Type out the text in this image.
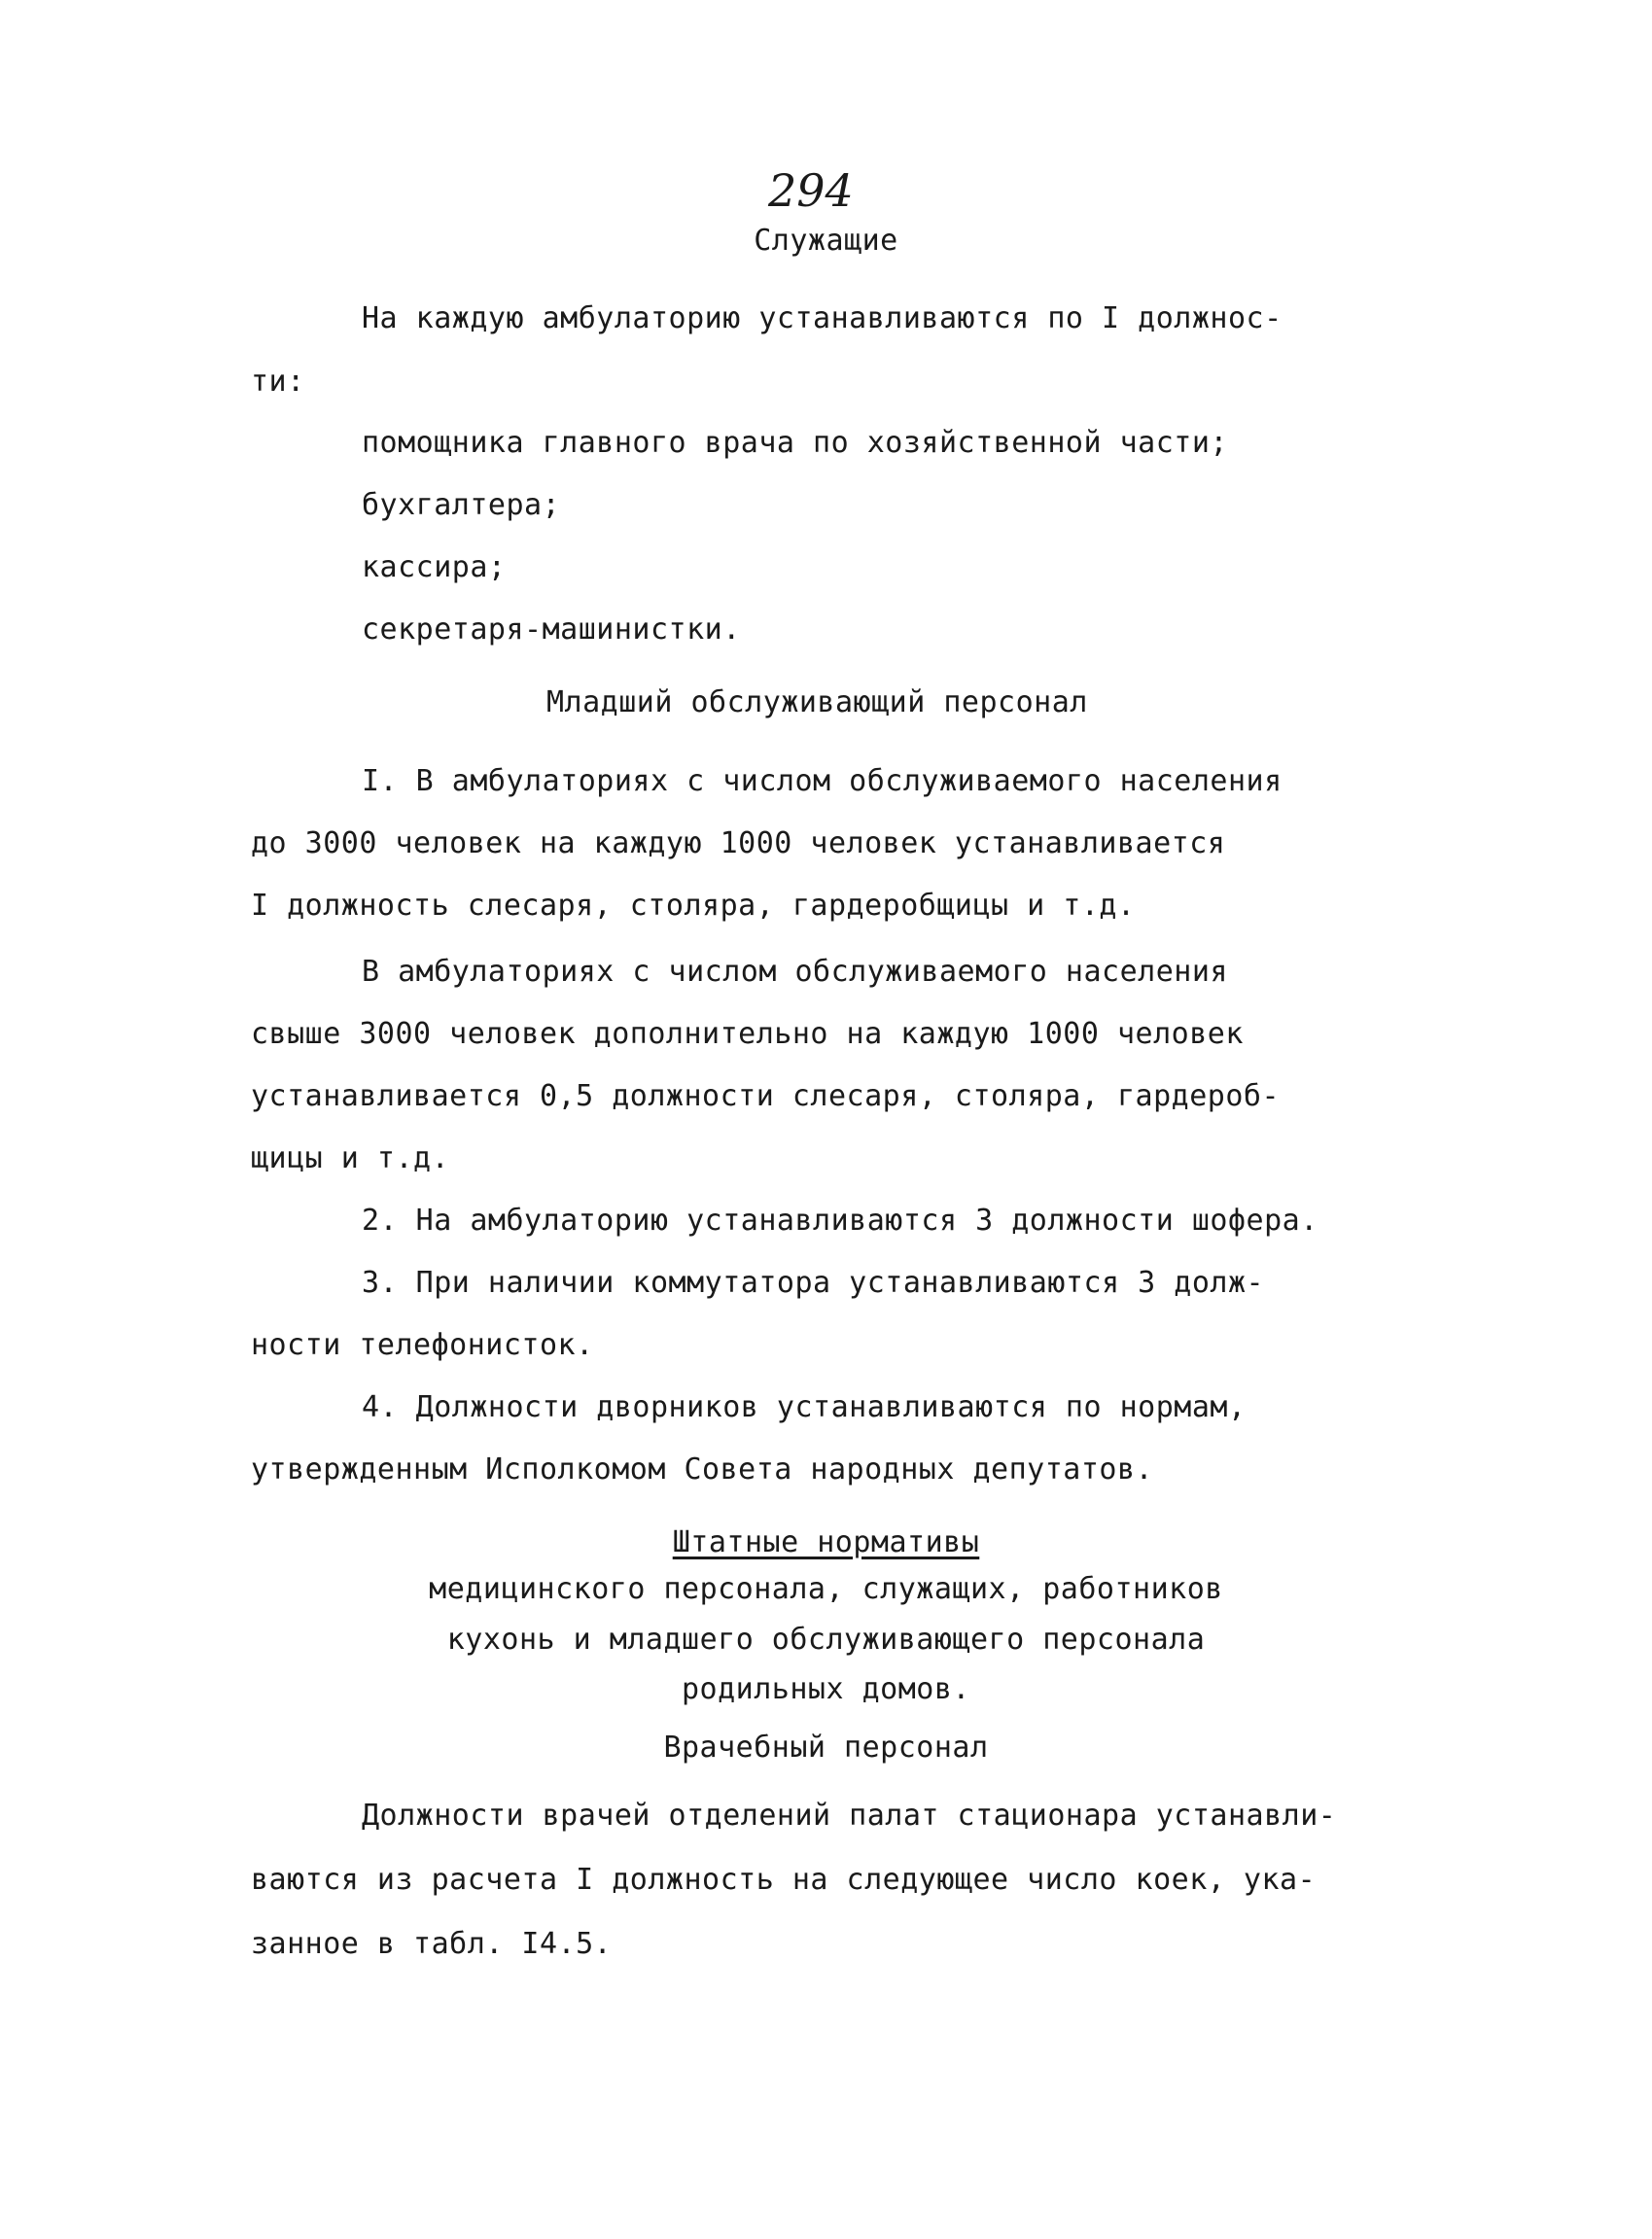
294
Служащие
На каждую амбулаторию устанавливаются по I должнос-
ти:
помощника главного врача по хозяйственной части;
бухгалтера;
кассира;
секретаря-машинистки.
Младший обслуживающий персонал
I. В амбулаториях с числом обслуживаемого населения
до 3000 человек на каждую 1000 человек устанавливается
I должность слесаря, столяра, гардеробщицы и т.д.
В амбулаториях с числом обслуживаемого населения
свыше 3000 человек дополнительно на каждую 1000 человек
устанавливается 0,5 должности слесаря, столяра, гардероб-
щицы и т.д.
2. На амбулаторию устанавливаются 3 должности шофера.
3. При наличии коммутатора устанавливаются 3 долж-
ности телефонисток.
4. Должности дворников устанавливаются по нормам,
утвержденным Исполкомом Совета народных депутатов.
Штатные нормативы
медицинского персонала, служащих, работников
кухонь и младшего обслуживающего персонала
родильных домов.
Врачебный персонал
Должности врачей отделений палат стационара устанавли-
ваются из расчета I должность на следующее число коек, ука-
занное в табл. I4.5.
